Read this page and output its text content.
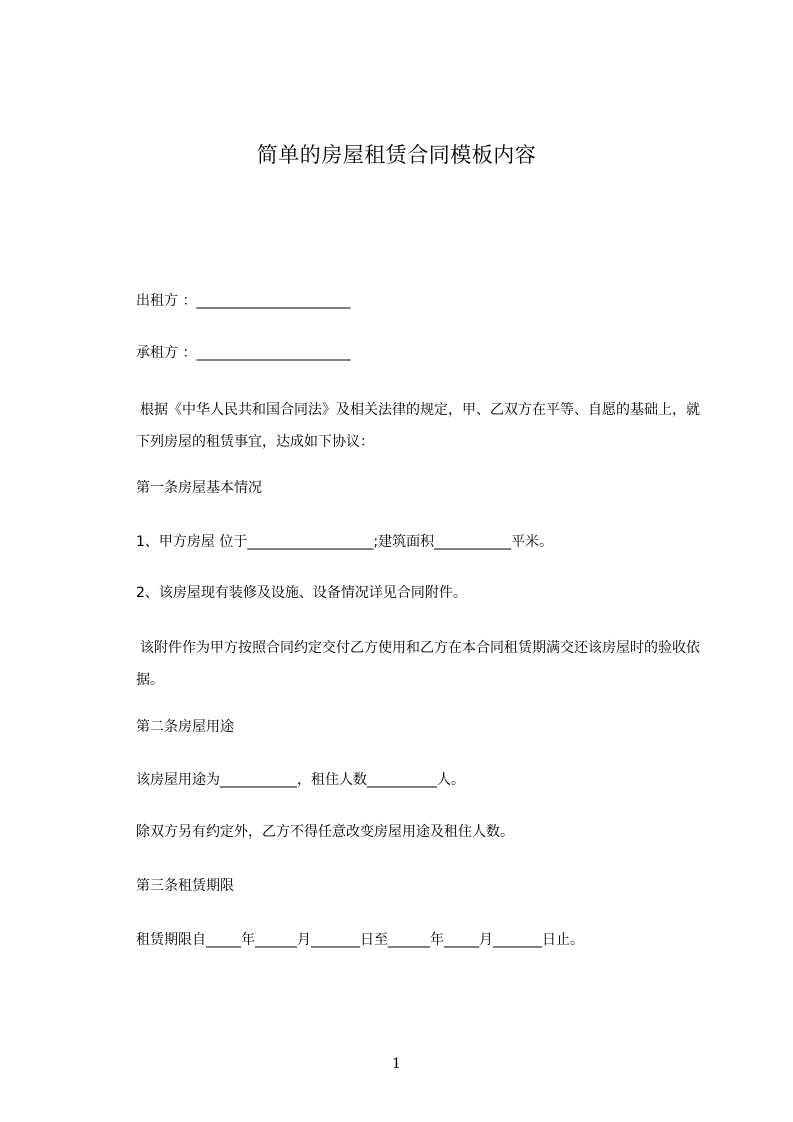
简单的房屋租赁合同模板内容
出租方 ：______________________
承租方 ：______________________
根据《中华人民共和国合同法》及相关法律的规定，甲、乙双方在平等、自愿的基础上，就下列房屋的租赁事宜，达成如下协议：
第一条房屋基本情况
1、甲方房屋 位于__________________;建筑面积___________平米。
2、该房屋现有装修及设施、设备情况详见合同附件。
该附件作为甲方按照合同约定交付乙方使用和乙方在本合同租赁期满交还该房屋时的验收依据。
第二条房屋用途
该房屋用途为___________，租住人数__________人。
除双方另有约定外，乙方不得任意改变房屋用途及租住人数。
第三条租赁期限
租赁期限自_____年______月_______日至______年_____月_______日止。
1
